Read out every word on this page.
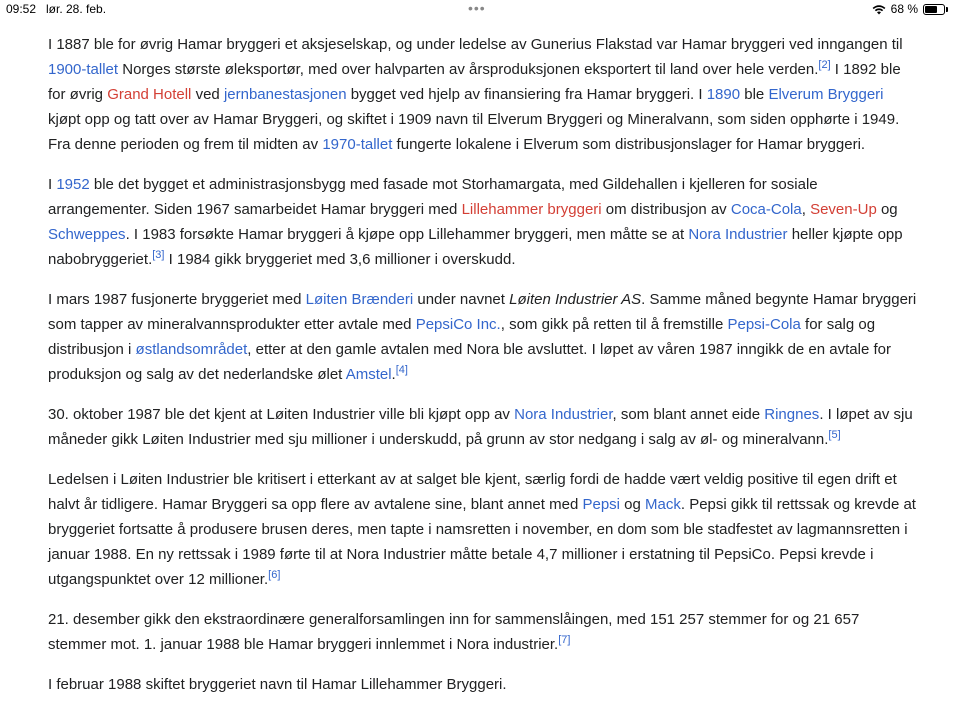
09:52 lør. 28. feb.	•••	68 %

I 1887 ble for øvrig Hamar bryggeri et aksjeselskap, og under ledelse av Gunerius Flakstad var Hamar bryggeri ved inngangen til 1900-tallet Norges største øleksportør, med over halvparten av årsproduksjonen eksportert til land over hele verden.[2] I 1892 ble for øvrig Grand Hotell ved jernbanestasjonen bygget ved hjelp av finansiering fra Hamar bryggeri. I 1890 ble Elverum Bryggeri kjøpt opp og tatt over av Hamar Bryggeri, og skiftet i 1909 navn til Elverum Bryggeri og Mineralvann, som siden opphørte i 1949. Fra denne perioden og frem til midten av 1970-tallet fungerte lokalene i Elverum som distribusjonslager for Hamar bryggeri.

I 1952 ble det bygget et administrasjonsbygg med fasade mot Storhamargata, med Gildehallen i kjelleren for sosiale arrangementer. Siden 1967 samarbeidet Hamar bryggeri med Lillehammer bryggeri om distribusjon av Coca-Cola, Seven-Up og Schweppes. I 1983 forsøkte Hamar bryggeri å kjøpe opp Lillehammer bryggeri, men måtte se at Nora Industrier heller kjøpte opp nabobryggeriet.[3] I 1984 gikk bryggeriet med 3,6 millioner i overskudd.

I mars 1987 fusjonerte bryggeriet med Løiten Brænderi under navnet Løiten Industrier AS. Samme måned begynte Hamar bryggeri som tapper av mineralvannsprodukter etter avtale med PepsiCo Inc., som gikk på retten til å fremstille Pepsi-Cola for salg og distribusjon i østlandsområdet, etter at den gamle avtalen med Nora ble avsluttet. I løpet av våren 1987 inngikk de en avtale for produksjon og salg av det nederlandske ølet Amstel.[4]

30. oktober 1987 ble det kjent at Løiten Industrier ville bli kjøpt opp av Nora Industrier, som blant annet eide Ringnes. I løpet av sju måneder gikk Løiten Industrier med sju millioner i underskudd, på grunn av stor nedgang i salg av øl- og mineralvann.[5]

Ledelsen i Løiten Industrier ble kritisert i etterkant av at salget ble kjent, særlig fordi de hadde vært veldig positive til egen drift et halvt år tidligere. Hamar Bryggeri sa opp flere av avtalene sine, blant annet med Pepsi og Mack. Pepsi gikk til rettssak og krevde at bryggeriet fortsatte å produsere brusen deres, men tapte i namsretten i november, en dom som ble stadfestet av lagmannsretten i januar 1988. En ny rettssak i 1989 førte til at Nora Industrier måtte betale 4,7 millioner i erstatning til PepsiCo. Pepsi krevde i utgangspunktet over 12 millioner.[6]

21. desember gikk den ekstraordinære generalforsamlingen inn for sammenslåingen, med 151 257 stemmer for og 21 657 stemmer mot. 1. januar 1988 ble Hamar bryggeri innlemmet i Nora industrier.[7]

I februar 1988 skiftet bryggeriet navn til Hamar Lillehammer Bryggeri.
